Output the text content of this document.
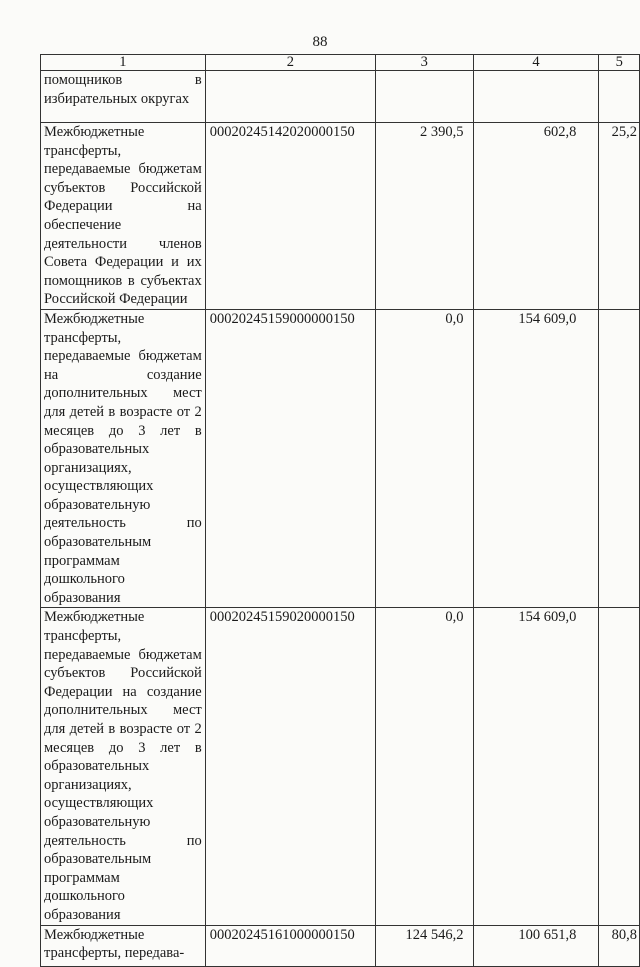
88
1	2	3	4	5
помощников в избирательных округах				
Межбюджетные трансферты, передаваемые бюджетам субъектов Российской Федерации на обеспечение деятельности членов Совета Федерации и их помощников в субъектах Российской Федерации	00020245142020000150	2 390,5	602,8	25,2
Межбюджетные трансферты, передаваемые бюджетам на создание дополнительных мест для детей в возрасте от 2 месяцев до 3 лет в образовательных организациях, осуществляющих образовательную деятельность по образовательным программам дошкольного образования	00020245159000000150	0,0	154 609,0	
Межбюджетные трансферты, передаваемые бюджетам субъектов Российской Федерации на создание дополнительных мест для детей в возрасте от 2 месяцев до 3 лет в образовательных организациях, осуществляющих образовательную деятельность по образовательным программам дошкольного образования	00020245159020000150	0,0	154 609,0	
Межбюджетные трансферты, передава-	00020245161000000150	124 546,2	100 651,8	80,8
